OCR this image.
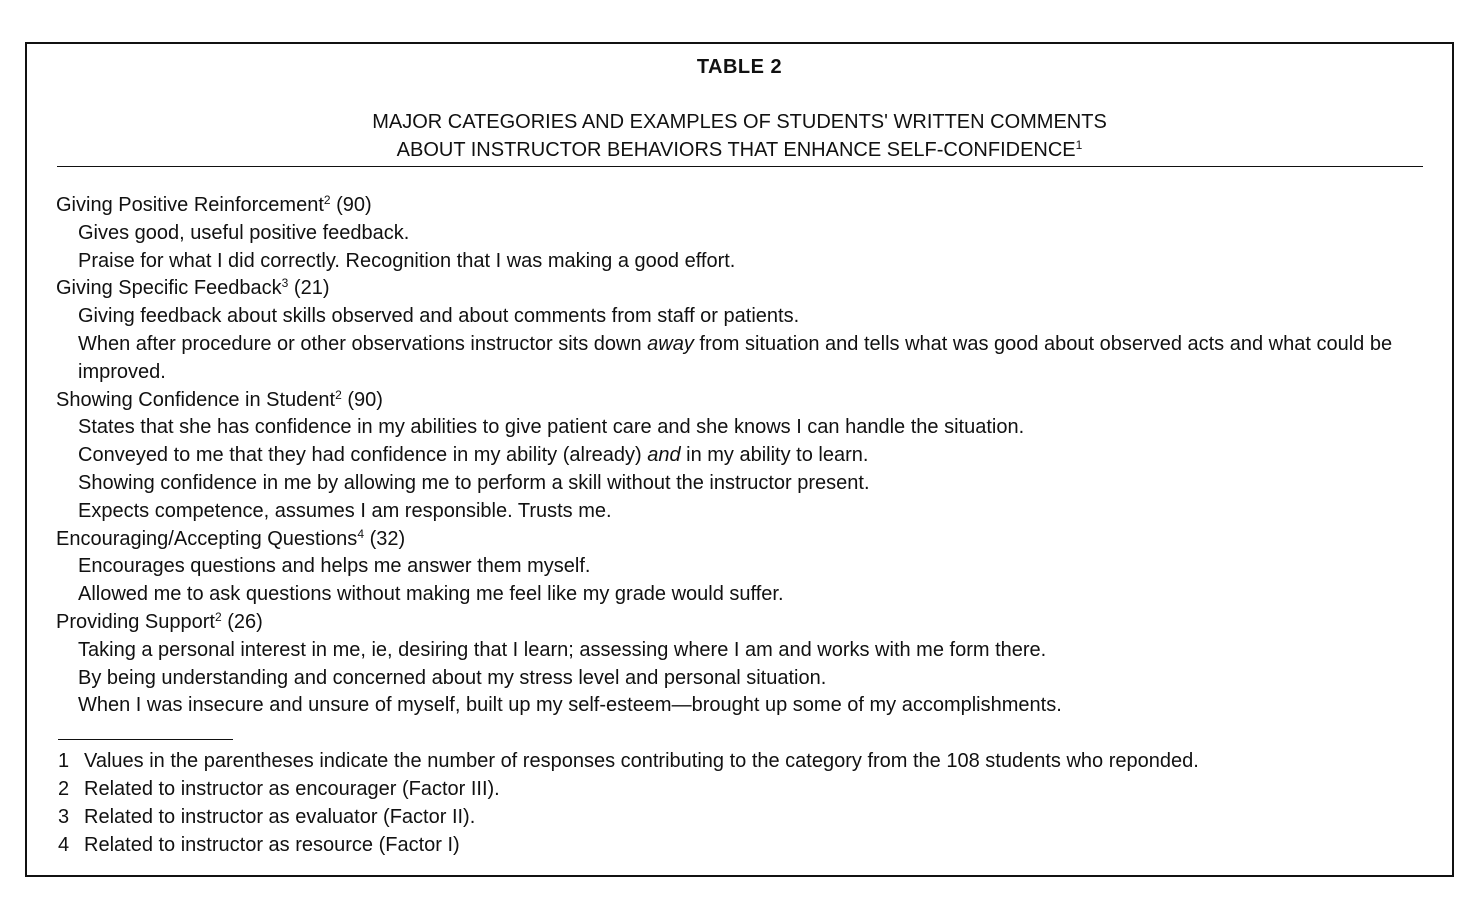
TABLE 2
MAJOR CATEGORIES AND EXAMPLES OF STUDENTS' WRITTEN COMMENTS
ABOUT INSTRUCTOR BEHAVIORS THAT ENHANCE SELF-CONFIDENCE$^1$
Giving Positive Reinforcement$^2$ (90)
Gives good, useful positive feedback.
Praise for what I did correctly. Recognition that I was making a good effort.
Giving Specific Feedback$^3$ (21)
Giving feedback about skills observed and about comments from staff or patients.
When after procedure or other observations instructor sits down away from situation and tells what was good about observed acts and what could be improved.
Showing Confidence in Student$^2$ (90)
States that she has confidence in my abilities to give patient care and she knows I can handle the situation.
Conveyed to me that they had confidence in my ability (already) and in my ability to learn.
Showing confidence in me by allowing me to perform a skill without the instructor present.
Expects competence, assumes I am responsible. Trusts me.
Encouraging/Accepting Questions$^4$ (32)
Encourages questions and helps me answer them myself.
Allowed me to ask questions without making me feel like my grade would suffer.
Providing Support$^2$ (26)
Taking a personal interest in me, ie, desiring that I learn; assessing where I am and works with me form there.
By being understanding and concerned about my stress level and personal situation.
When I was insecure and unsure of myself, built up my self-esteem—brought up some of my accomplishments.
1 Values in the parentheses indicate the number of responses contributing to the category from the 108 students who reponded.
2 Related to instructor as encourager (Factor III).
3 Related to instructor as evaluator (Factor II).
4 Related to instructor as resource (Factor I)
